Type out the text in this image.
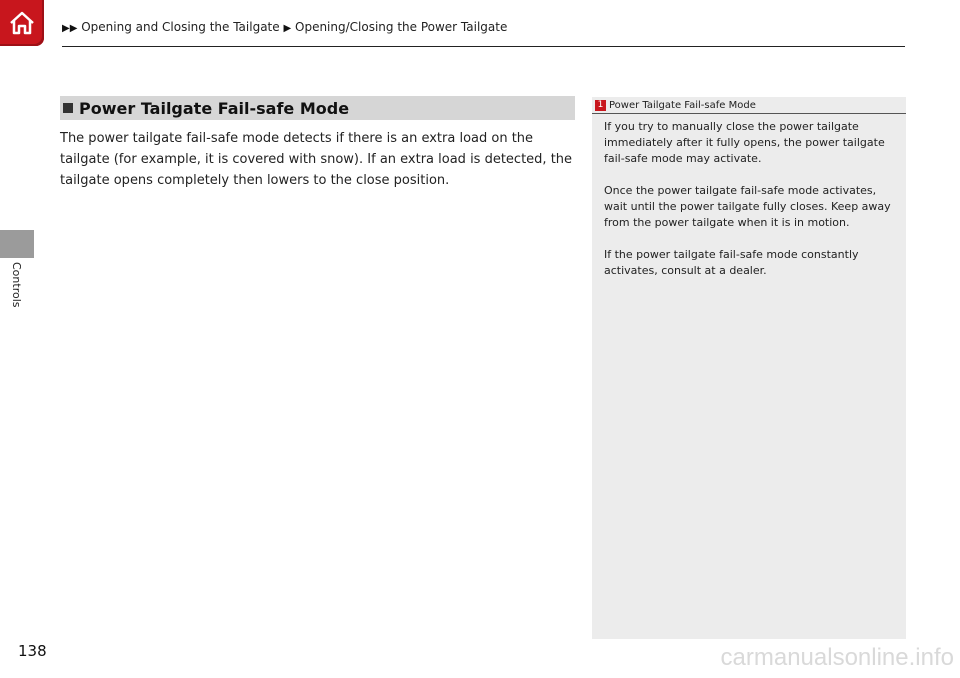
▶▶ Opening and Closing the Tailgate ▶ Opening/Closing the Power Tailgate
Controls
Power Tailgate Fail-safe Mode
The power tailgate fail-safe mode detects if there is an extra load on the tailgate (for example, it is covered with snow). If an extra load is detected, the tailgate opens completely then lowers to the close position.
1 Power Tailgate Fail-safe Mode

If you try to manually close the power tailgate immediately after it fully opens, the power tailgate fail-safe mode may activate.

Once the power tailgate fail-safe mode activates, wait until the power tailgate fully closes. Keep away from the power tailgate when it is in motion.

If the power tailgate fail-safe mode constantly activates, consult at a dealer.

138	carmanualsonline.info
